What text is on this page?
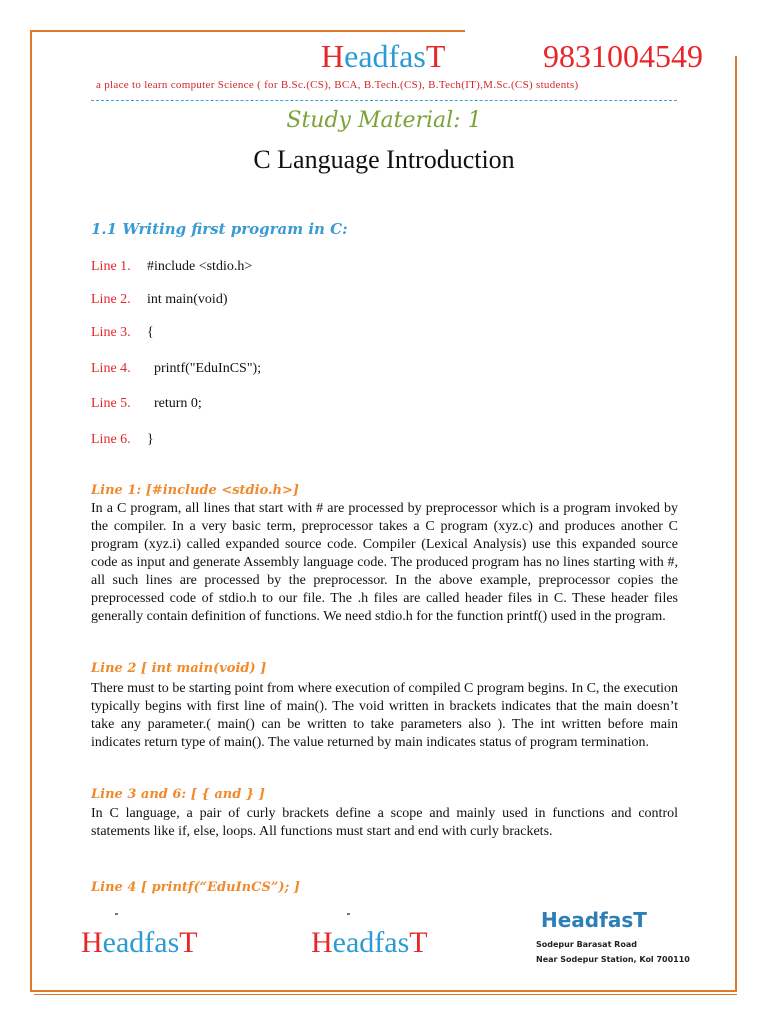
HeadfasT	9831004549
a place to learn computer Science ( for B.Sc.(CS), BCA, B.Tech.(CS), B.Tech(IT),M.Sc.(CS) students)
Study Material: 1
C Language Introduction
1.1 Writing first program in C:
Line 1. #include <stdio.h>
Line 2. int main(void)
Line 3. {
Line 4.  printf("EduInCS");
Line 5.  return 0;
Line 6. }
Line 1: [#include <stdio.h>]
In a C program, all lines that start with # are processed by preprocessor which is a program invoked by the compiler. In a very basic term, preprocessor takes a C program (xyz.c) and produces another C program (xyz.i) called expanded source code. Compiler (Lexical Analysis) use this expanded source code as input and generate Assembly language code. The produced program has no lines starting with #, all such lines are processed by the preprocessor. In the above example, preprocessor copies the preprocessed code of stdio.h to our file. The .h files are called header files in C. These header files generally contain definition of functions. We need stdio.h for the function printf() used in the program.
Line 2 [ int main(void) ]
There must to be starting point from where execution of compiled C program begins. In C, the execution typically begins with first line of main(). The void written in brackets indicates that the main doesn’t take any parameter.( main() can be written to take parameters also ). The int written before main indicates return type of main(). The value returned by main indicates status of program termination.
Line 3 and 6: [ { and } ]
In C language, a pair of curly brackets define a scope and mainly used in functions and control statements like if, else, loops. All functions must start and end with curly brackets.
Line 4 [ printf(“EduInCS”); ]
HeadfasT	HeadfasT
HeadfasT
Sodepur Barasat Road
Near Sodepur Station, Kol 700110
